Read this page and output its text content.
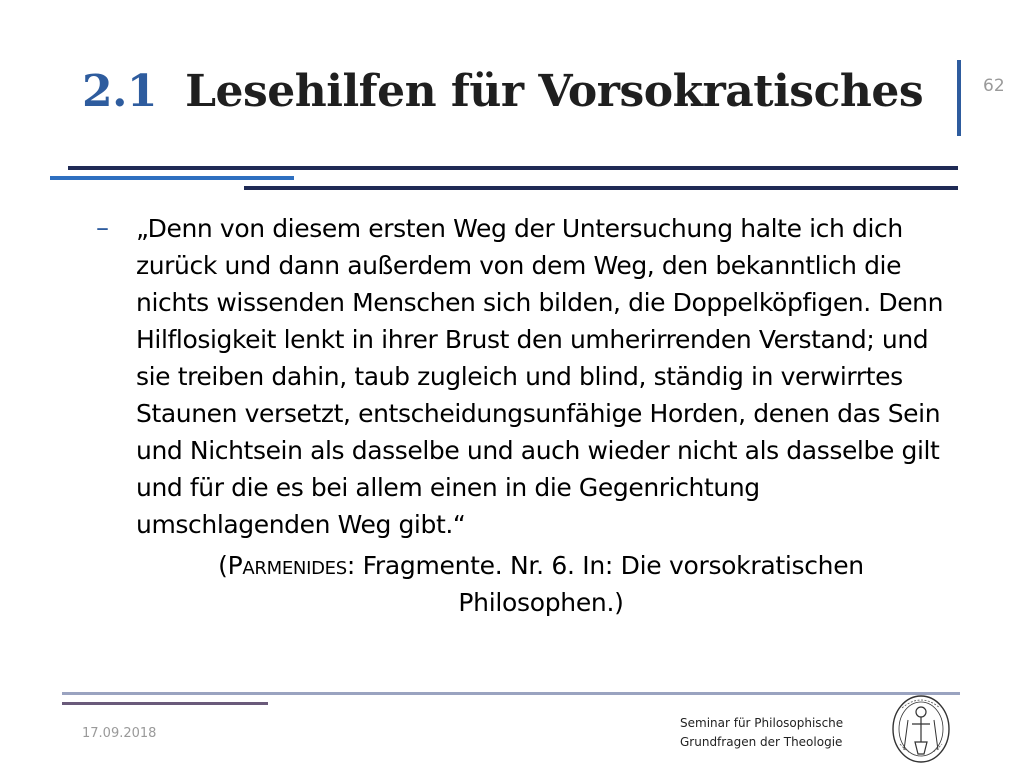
2.1 Lesehilfen für Vorsokratisches	62
– „Denn von diesem ersten Weg der Untersuchung halte ich dich zurück und dann außerdem von dem Weg, den bekanntlich die nichts wissenden Menschen sich bilden, die Doppelköpfigen. Denn Hilflosigkeit lenkt in ihrer Brust den umherirrenden Verstand; und sie treiben dahin, taub zugleich und blind, ständig in verwirrtes Staunen versetzt, entscheidungsunfähige Horden, denen das Sein und Nichtsein als dasselbe und auch wieder nicht als dasselbe gilt und für die es bei allem einen in die Gegenrichtung umschlagenden Weg gibt.“

(Parmenides: Fragmente. Nr. 6. In: Die vorsokratischen Philosophen.)
17.09.2018
Seminar für Philosophische
Grundfragen der Theologie
